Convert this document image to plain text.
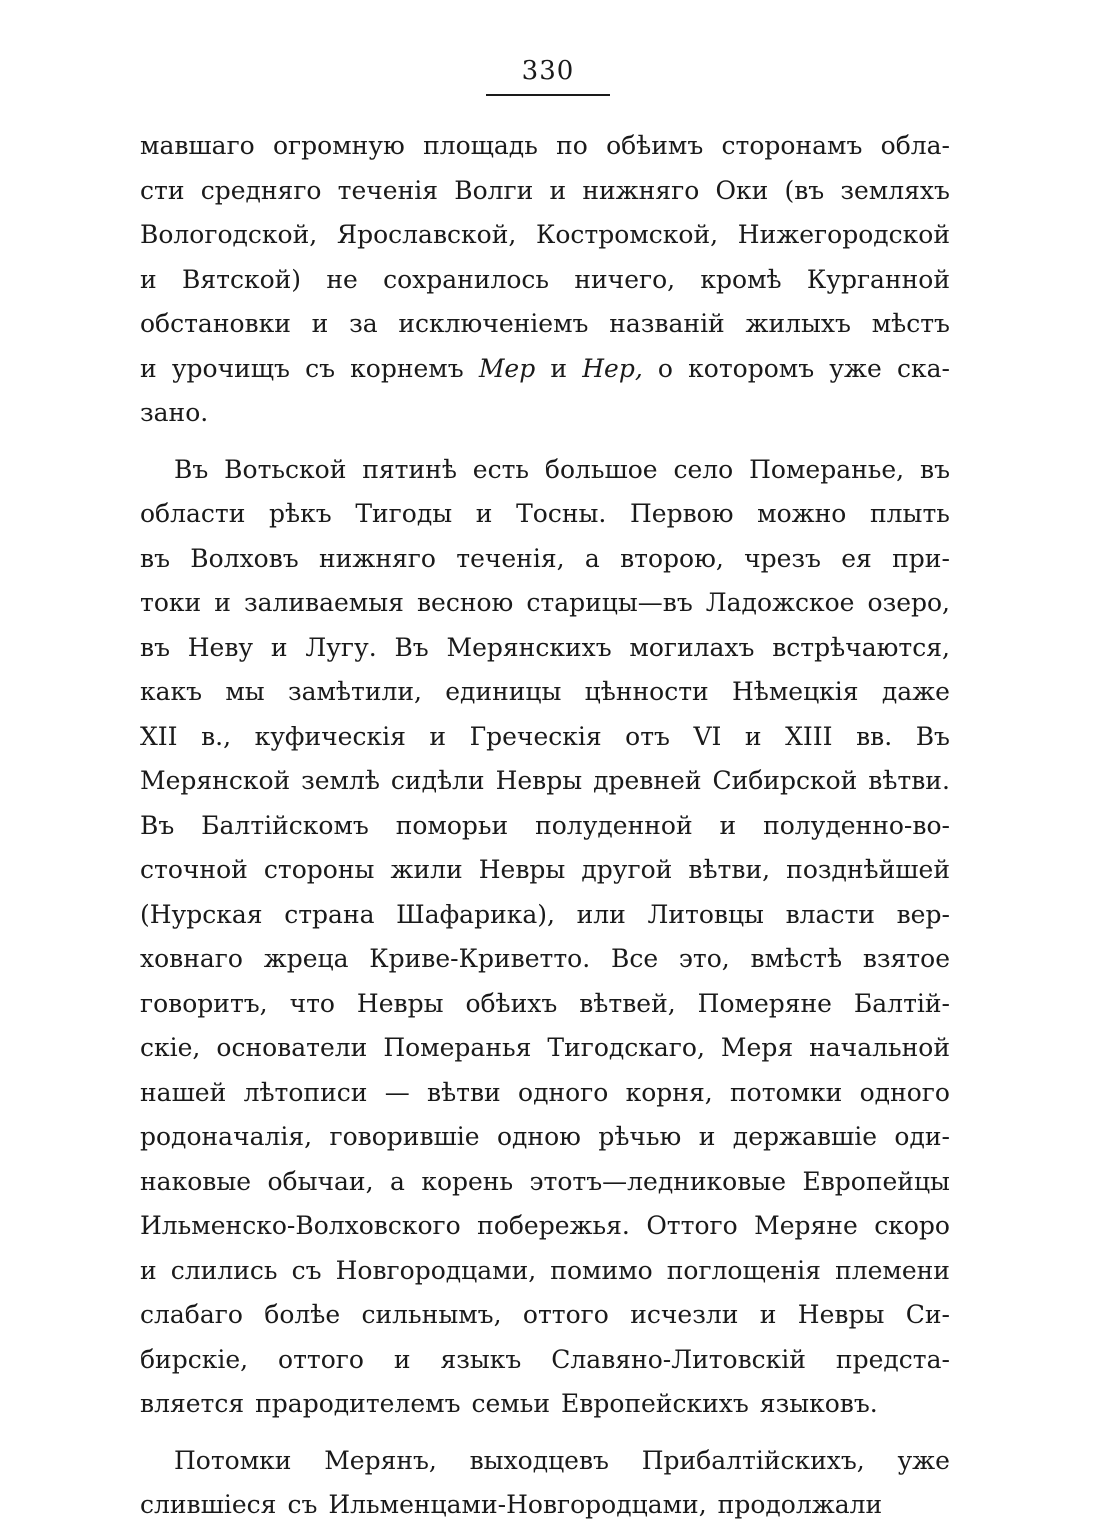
330
мавшаго огромную площадь по обѣимъ сторонамъ обла-
сти средняго теченія Волги и нижняго Оки (въ земляхъ
Вологодской, Ярославской, Костромской, Нижегородской
и Вятской) не сохранилось ничего, кромѣ Курганной
обстановки и за исключеніемъ названій жилыхъ мѣстъ
и урочищъ съ корнемъ Мер и Нер, о которомъ уже ска-
зано.
Въ Вотьской пятинѣ есть большое село Померанье, въ
области рѣкъ Тигоды и Тосны. Первою можно плыть
въ Волховъ нижняго теченія, а второю, чрезъ ея при-
токи и заливаемыя весною старицы—въ Ладожское озеро,
въ Неву и Лугу. Въ Мерянскихъ могилахъ встрѣчаются,
какъ мы замѣтили, единицы цѣнности Нѣмецкія даже
XII в., куфическія и Греческія отъ VI и XIII вв. Въ
Мерянской землѣ сидѣли Невры древней Сибирской вѣтви.
Въ Балтійскомъ поморьи полуденной и полуденно-во-
сточной стороны жили Невры другой вѣтви, позднѣйшей
(Нурская страна Шафарика), или Литовцы власти вер-
ховнаго жреца Криве-Криветто. Все это, вмѣстѣ взятое
говоритъ, что Невры обѣихъ вѣтвей, Померяне Балтій-
скіе, основатели Померанья Тигодскаго, Меря начальной
нашей лѣтописи — вѣтви одного корня, потомки одного
родоначалія, говорившіе одною рѣчью и державшіе оди-
наковые обычаи, а корень этотъ—ледниковые Европейцы
Ильменско-Волховского побережья. Оттого Меряне скоро
и слились съ Новгородцами, помимо поглощенія племени
слабаго болѣе сильнымъ, оттого исчезли и Невры Си-
бирскіе, оттого и языкъ Славяно-Литовскій предста-
вляется прародителемъ семьи Европейскихъ языковъ.
Потомки Мерянъ, выходцевъ Прибалтійскихъ, уже
слившіеся съ Ильменцами-Новгородцами, продолжали
